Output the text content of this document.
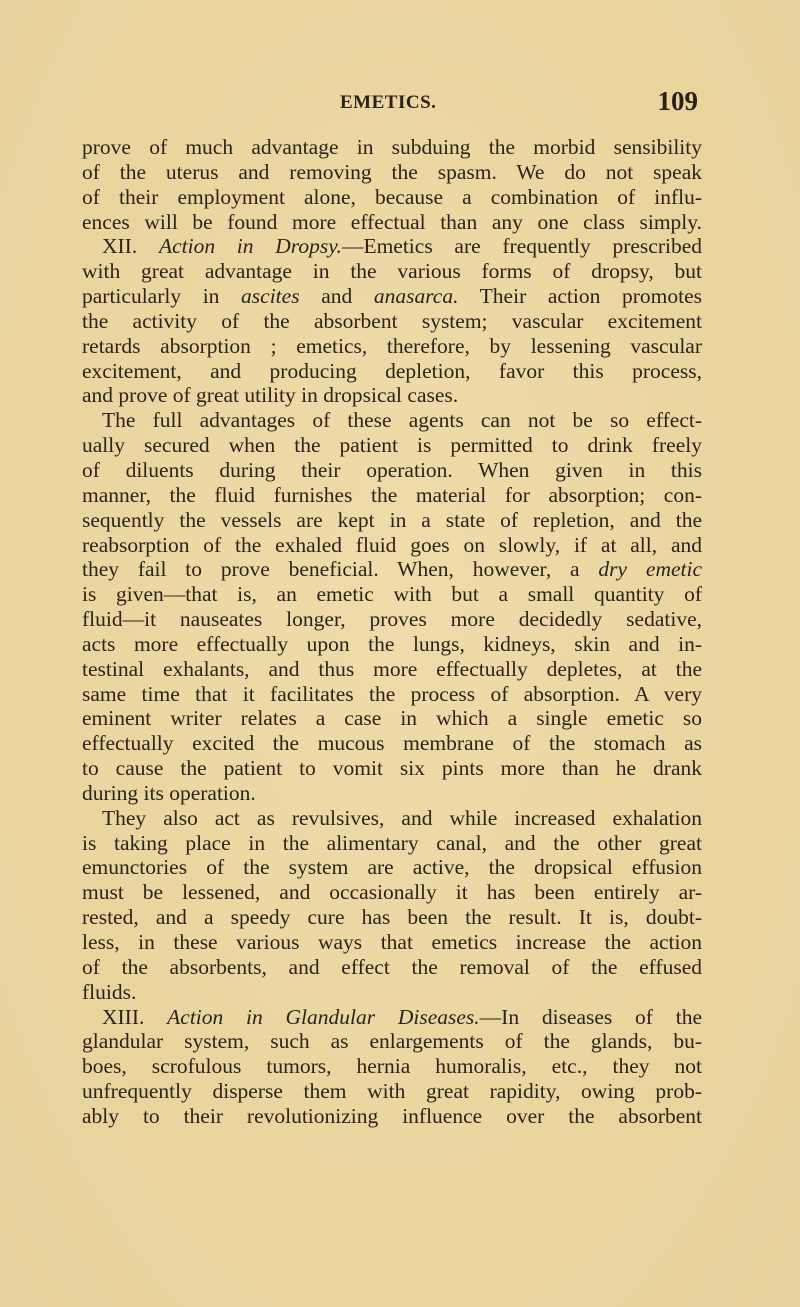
EMETICS.	109
prove of much advantage in subduing the morbid sensibility
of the uterus and removing the spasm. We do not speak
of their employment alone, because a combination of influ-
ences will be found more effectual than any one class simply.
XII. Action in Dropsy.—Emetics are frequently prescribed
with great advantage in the various forms of dropsy, but
particularly in ascites and anasarca. Their action promotes
the activity of the absorbent system; vascular excitement
retards absorption ; emetics, therefore, by lessening vascular
excitement, and producing depletion, favor this process,
and prove of great utility in dropsical cases.
The full advantages of these agents can not be so effect-
ually secured when the patient is permitted to drink freely
of diluents during their operation. When given in this
manner, the fluid furnishes the material for absorption; con-
sequently the vessels are kept in a state of repletion, and the
reabsorption of the exhaled fluid goes on slowly, if at all, and
they fail to prove beneficial. When, however, a dry emetic
is given—that is, an emetic with but a small quantity of
fluid—it nauseates longer, proves more decidedly sedative,
acts more effectually upon the lungs, kidneys, skin and in-
testinal exhalants, and thus more effectually depletes, at the
same time that it facilitates the process of absorption. A very
eminent writer relates a case in which a single emetic so
effectually excited the mucous membrane of the stomach as
to cause the patient to vomit six pints more than he drank
during its operation.
They also act as revulsives, and while increased exhalation
is taking place in the alimentary canal, and the other great
emunctories of the system are active, the dropsical effusion
must be lessened, and occasionally it has been entirely ar-
rested, and a speedy cure has been the result. It is, doubt-
less, in these various ways that emetics increase the action
of the absorbents, and effect the removal of the effused
fluids.
XIII. Action in Glandular Diseases.—In diseases of the
glandular system, such as enlargements of the glands, bu-
boes, scrofulous tumors, hernia humoralis, etc., they not
unfrequently disperse them with great rapidity, owing prob-
ably to their revolutionizing influence over the absorbent
